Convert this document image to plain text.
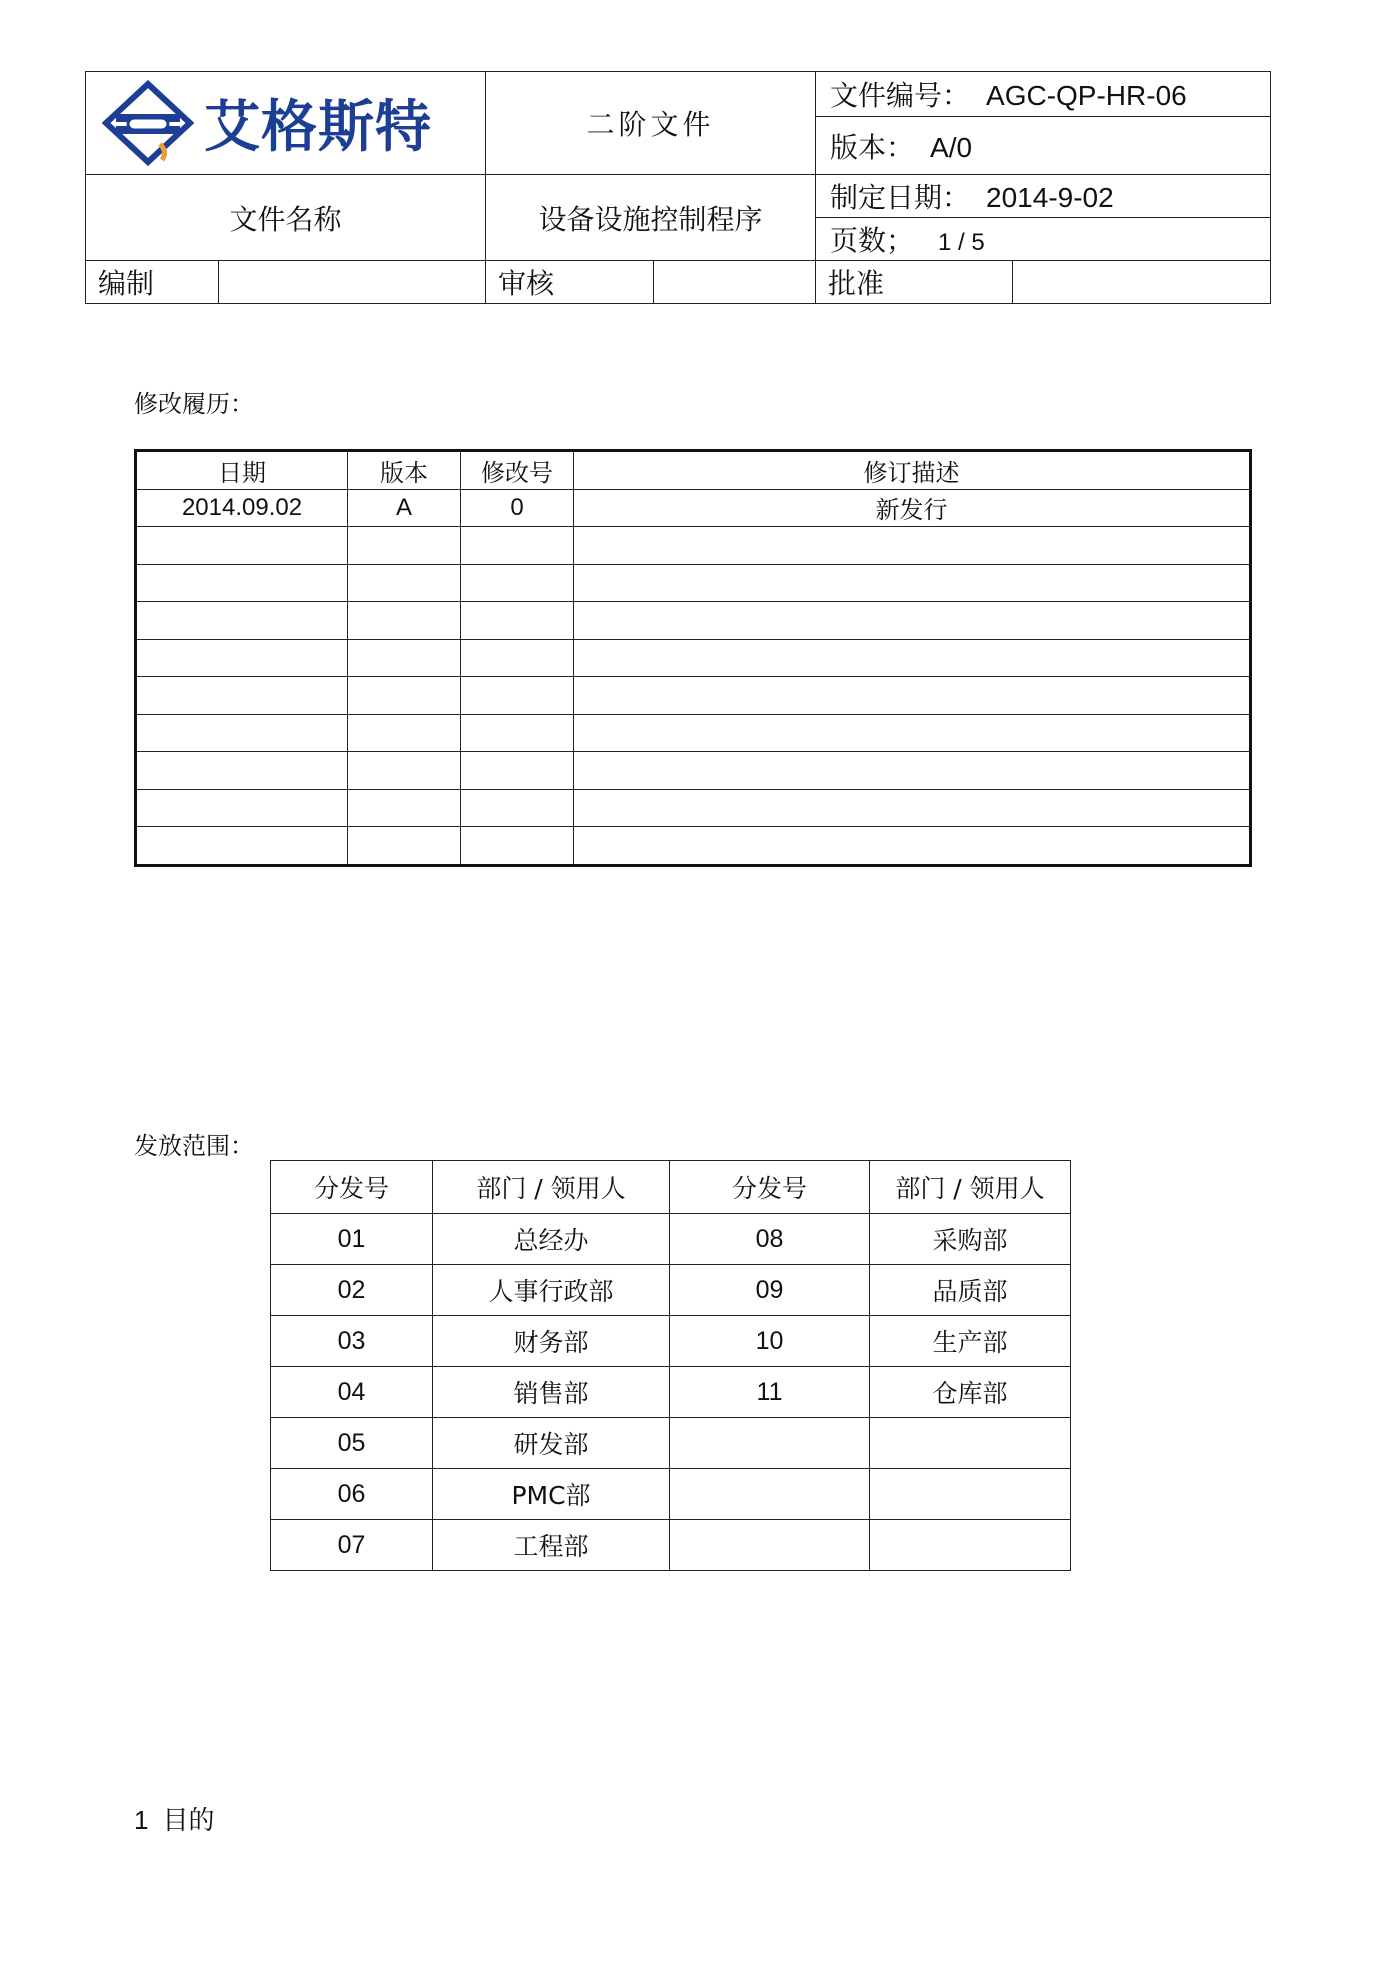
艾格斯特		二阶文件		文件编号： AGC-QP-HR-06	
				版本： A/0	
文件名称		设备设施控制程序		制定日期： 2014-9-02	
				页数； 1 / 5	
编制		审核		批准	
修改履历：
日期	版本	修改号	修订描述
2014.09.02	A	0	新发行

发放范围：
分发号	部门 / 领用人	分发号	部门 / 领用人
01	总经办	08	采购部
02	人事行政部	09	品质部
03	财务部	10	生产部
04	销售部	11	仓库部
05	研发部		
06	PMC部		
07	工程部		
1 目的
